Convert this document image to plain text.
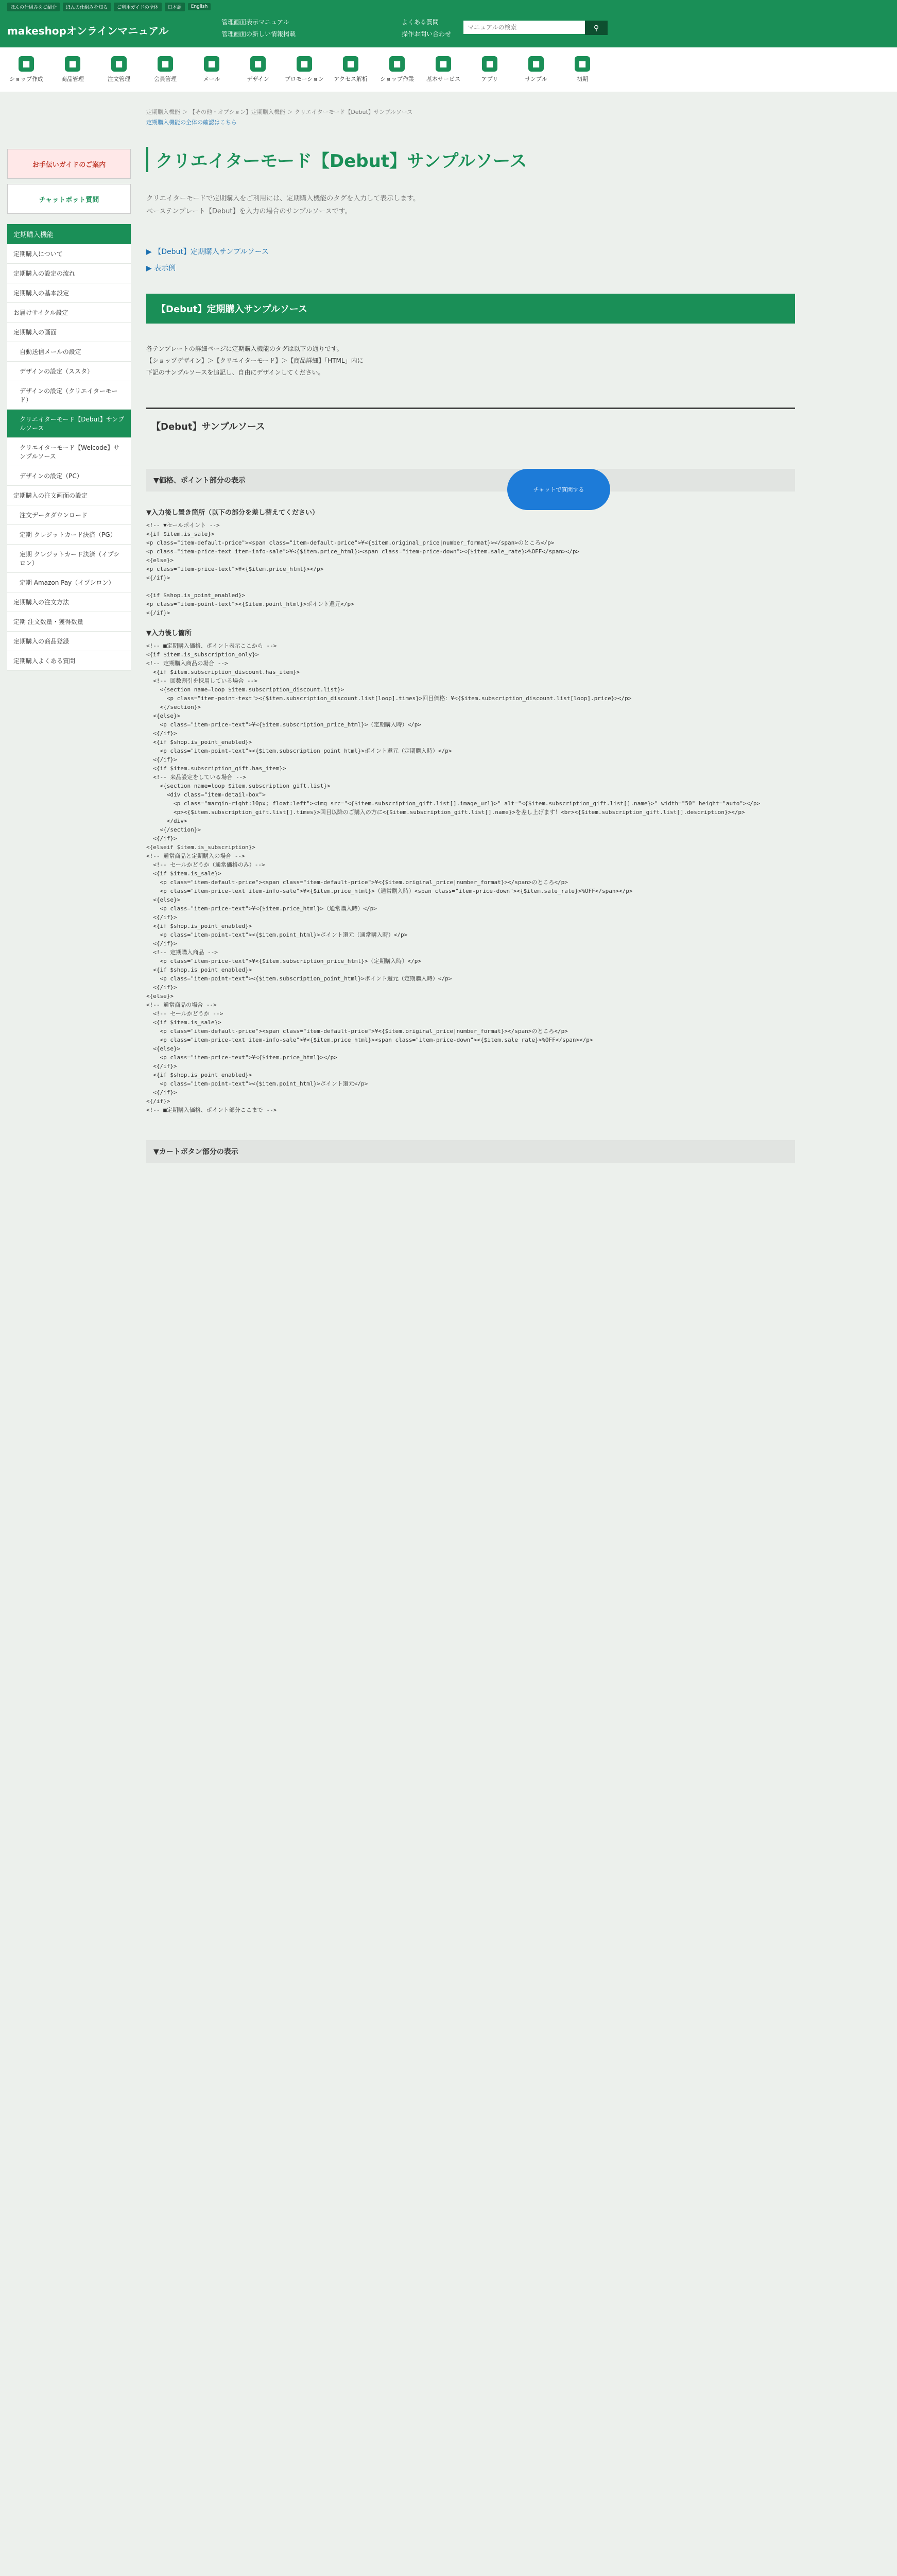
ほんの仕組みをご紹介	ほんの仕組みを知る	ご利用ガイドの全体	日本語	English
makeshopオンラインマニュアル
管理画面表示マニュアル
管理画面の新しい情報掲載
よくある質問
操作お問い合わせ
マニュアルの検索
⚲
■
ショップ作成
■
商品管理
■
注文管理
■
会員管理
■
メール
■
デザイン
■
プロモーション
■
アクセス解析
■
ショップ作業
■
基本サービス
■
アプリ
■
サンプル
■
初期
お手伝いガイドのご案内
チャットボット質問
定期購入機能
定期購入について
定期購入の設定の流れ
定期購入の基本設定
お届けサイクル設定
定期購入の画面
自動送信メールの設定
デザインの設定（ススタ）
デザインの設定（クリエイターモード）
クリエイターモード【Debut】サンプルソース
クリエイターモード【Welcode】サンプルソース
デザインの設定（PC）
定期購入の注文画面の設定
注文データダウンロード
定期 クレジットカード決済（PG）
定期 クレジットカード決済（イプシロン）
定期 Amazon Pay（イプシロン）
定期購入の注文方法
定期 注文数量・獲得数量
定期購入の商品登録
定期購入よくある質問
定期購入機能 ＞ 【その他・オプション】定期購入機能 ＞ クリエイターモード【Debut】サンプルソース
定期購入機能の全体の確認はこちら
クリエイターモード【Debut】サンプルソース

クリエイターモードで定期購入をご利用には、定期購入機能のタグを入力して表示します。

ベーステンプレート【Debut】を入力の場合のサンプルソースです。

▶ 【Debut】定期購入サンプルソース
▶ 表示例
【Debut】定期購入サンプルソース

各テンプレートの詳細ページに定期購入機能のタグは以下の通りです。

【ショップデザイン】＞【クリエイターモード】＞【商品詳細】「HTML」内に

下記のサンプルソースを追記し、自由にデザインしてください。

【Debut】サンプルソース
▼価格、ポイント部分の表示
▼入力後し置き箇所（以下の部分を差し替えてください）
<!-- ▼セールポイント -->
<{if $item.is_sale}>
<p class="item-default-price"><span class="item-default-price">¥<{$item.original_price|number_format}></span>のところ</p>
<p class="item-price-text item-info-sale">¥<{$item.price_html}><span class="item-price-down"><{$item.sale_rate}>%OFF</span></p>
<{else}>
<p class="item-price-text">¥<{$item.price_html}></p>
<{/if}>

<{if $shop.is_point_enabled}>
<p class="item-point-text"><{$item.point_html}>ポイント還元</p>
<{/if}>
▼入力後し箇所
<!-- ■定期購入価格、ポイント表示ここから -->
<{if $item.is_subscription_only}>
<!-- 定期購入商品の場合 -->
<{if $item.subscription_discount.has_item}>
<!-- 回数割引を採用している場合 -->
<{section name=loop $item.subscription_discount.list}>
<p class="item-point-text"><{$item.subscription_discount.list[loop].times}>回目価格：¥<{$item.subscription_discount.list[loop].price}></p>
<{/section}>
<{else}>
<p class="item-price-text">¥<{$item.subscription_price_html}>（定期購入時）</p>
<{/if}>
<{if $shop.is_point_enabled}>
<p class="item-point-text"><{$item.subscription_point_html}>ポイント還元（定期購入時）</p>
<{/if}>
<{if $item.subscription_gift.has_item}>
<!-- 来品設定をしている場合 -->
<{section name=loop $item.subscription_gift.list}>
<div class="item-detail-box">
<p class="margin-right:10px; float:left"><img src="<{$item.subscription_gift.list[].image_url}>" alt="<{$item.subscription_gift.list[].name}>" width="50" height="auto"></p>
<p><{$item.subscription_gift.list[].times}>回目以降のご購入の方に<{$item.subscription_gift.list[].name}>を差し上げます！<br><{$item.subscription_gift.list[].description}></p>
</div>
<{/section}>
<{/if}>
<{elseif $item.is_subscription}>
<!-- 通常商品と定期購入の場合 -->
<!-- セールかどうか（通常価格のみ）-->
<{if $item.is_sale}>
<p class="item-default-price"><span class="item-default-price">¥<{$item.original_price|number_format}></span>のところ</p>
<p class="item-price-text item-info-sale">¥<{$item.price_html}>（通常購入時）<span class="item-price-down"><{$item.sale_rate}>%OFF</span></p>
<{else}>
<p class="item-price-text">¥<{$item.price_html}>（通常購入時）</p>
<{/if}>
<{if $shop.is_point_enabled}>
<p class="item-point-text"><{$item.point_html}>ポイント還元（通常購入時）</p>
<{/if}>
<!-- 定期購入商品 -->
<p class="item-price-text">¥<{$item.subscription_price_html}>（定期購入時）</p>
<{if $shop.is_point_enabled}>
<p class="item-point-text"><{$item.subscription_point_html}>ポイント還元（定期購入時）</p>
<{/if}>
<{else}>
<!-- 通常商品の場合 -->
<!-- セールかどうか -->
<{if $item.is_sale}>
<p class="item-default-price"><span class="item-default-price">¥<{$item.original_price|number_format}></span>のところ</p>
<p class="item-price-text item-info-sale">¥<{$item.price_html}><span class="item-price-down"><{$item.sale_rate}>%OFF</span></p>
<{else}>
<p class="item-price-text">¥<{$item.price_html}></p>
<{/if}>
<{if $shop.is_point_enabled}>
<p class="item-point-text"><{$item.point_html}>ポイント還元</p>
<{/if}>
<{/if}>
<!-- ■定期購入価格、ポイント部分ここまで -->
▼カートボタン部分の表示
チャットで質問する
